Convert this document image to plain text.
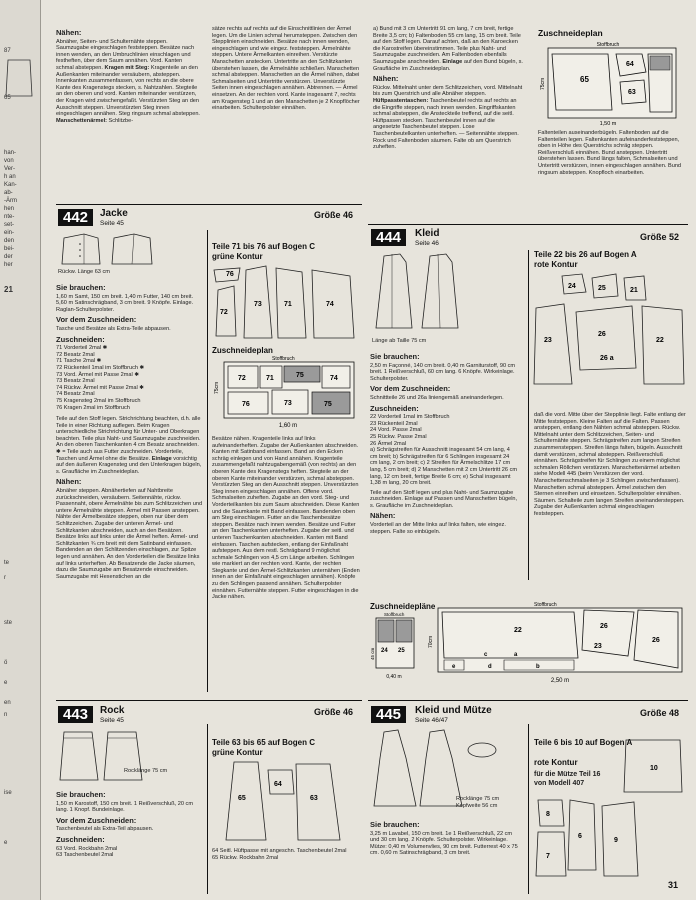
87
65
han-
von
Ver-
h an
Kan-
ab-
-Ärm
hen
nte-
set-
ein-
den
bei-
der
her
21
te
r
ste
ö
e
en
n
ise
e
Nähen:
Abnäher, Seiten- und Schulternähte steppen. Saumzugabe eingeschlagen feststeppen. Besätze nach innen wenden, an den Umbruchlinien einschlagen und festheften, über dem Saum annähen. Vord. Kanten schmal absteppen. Kragen mit Steg: Kragenteile an den Außenkanten miteinander versäubern, absteppen. Innenkanten zusammenfassen, von rechts an die obere Kante des Kragenstegs stecken, s. Nahtzahlen. Stegteile an den oberen und vord. Kanten miteinander verstürzen, der Kragen wird zwischengefaßt. Verstürzten Steg an den Ausschnitt steppen. Unverstürzten Steg innen eingeschlagen annähen. Steg ringsum schmal absteppen. Manschettenärmel: Schlitzbe-
sätze rechts auf rechts auf die Einschnittlinien der Ärmel legen. Um die Linien schmal herumsteppen. Zwischen den Stepplinien einschneiden. Besätze nach innen wenden, eingeschlagen und wie eingez. feststeppen. Ärmelnähte steppen. Untere Ärmelkanten einreihen. Verstürzte Manschetten anstecken. Untertritte an den Schlitzkanten überstehen lassen, die Ärmelnähte schließen. Manschetten schmal absteppen. Manschetten an die Ärmel nähen, dabei Schmalseiten und Untertritte verstürzen. Unverstürzte Seiten innen eingeschlagen annähen. Abtrennen. — Ärmel einsetzen. An der rechten vord. Kante insgesamt 7, rechts am Kragensteg 1 und an den Manschetten je 2 Knopflöcher einarbeiten. Schulterpolster einnähen.
a) Bund mit 3 cm Untertritt 91 cm lang, 7 cm breit, fertige Breite 3,5 cm; b) Faltenboden 55 cm lang, 15 cm breit. Teile auf den Stoff legen. Darauf achten, daß an den Karoecken die Karostreifen übereinstimmen. Teile plus Naht- und Saumzugabe zuschneiden. Am Faltenboden ebenfalls Saumzugabe anschneiden. Einlage auf den Bund bügeln, s. Graufläche im Zuschneideplan.
Nähen:
Rückw. Mittelnaht unter dem Schlitzzeichen, vord. Mittelnaht bis zum Querstrich und alle Abnäher steppen. Hüftpasstentaschen: Taschenbeutel rechts auf rechts an die Eingriffe steppen, nach innen wenden. Eingriffskanten schmal absteppen, die Ansteckteile treffend, auf die seitl. Hüftpassen stecken. Taschenbeutel innen auf die angesetzte Taschenbeutel steppen. Lose Taschenbeutelkanten unterheften. — Seitennähte steppen. Rock und Faltenboden säumen. Falte ob am Querstrich zuheften.
Zuschneideplan
Stoffbruch
65
64
63
75cm
1,50 m
Faltenteilen auseinanderbügeln. Faltenboden auf die Faltenteilen legen. Faltenkanten aufeinanderfeststeppen, oben in Höhe des Querstrichs schräg steppen. Reißverschluß einnähen. Bund ansteppen. Untertritt überstehen lassen. Bund längs falten, Schmalseiten und Untertritt verstürzen, innen eingeschlagen annähen. Bund ringsum absteppen. Knopfloch einarbeiten.
442	Jacke
Seite 45
Größe 46
Rückw. Länge 63 cm
Sie brauchen:

1,60 m Samt, 150 cm breit. 1,40 m Futter, 140 cm breit. 5,60 m Satinschrägband, 3 cm breit. 9 Knöpfe. Einlage. Raglan-Schulterpolster.

Vor dem Zuschneiden:

Tasche und Besätze als Extra-Teile abpausen.

Zuschneiden:
71 Vorderteil 2mal ✱
72 Besatz 2mal
71 Tasche 2mal ✱
72 Rückenteil 1mal im Stoffbruch ✱
73 Vord. Ärmel mit Passe 2mal ✱
73 Besatz 2mal
74 Rückw. Ärmel mit Passe 2mal ✱
74 Besatz 2mal
75 Kragensteg 2mal im Stoffbruch
76 Kragen 2mal im Stoffbruch

Teile auf den Stoff legen. Strichrichtung beachten, d.h. alle Teile in einer Richtung auflegen. Beim Kragen unterschiedliche Strichrichtung für Unter- und Oberkragen beachten. Teile plus Naht- und Saumzugabe zuschneiden. An den oberen Taschenkanten 4 cm Besatz anschneiden. ✱ = Teile auch aus Futter zuschneiden. Vorderteile, Taschen und Ärmel ohne die Besätze. Einlage vorsichtig auf den äußeren Kragensteg und den Unterkragen bügeln, s. Graufläche im Zuschneideplan.

Nähen:

Abnäher steppen. Abnähertiefen auf Nahtbreite zurückschneiden, versäubern. Seitennähte, rückw. Passennaht, obere Ärmelnähte bis zum Schlitzzeichen und untere Ärmelnähte steppen. Ärmel mit Passen ansteppen. Nähte der Ärmelbesätze steppen, oben nur über dem Schlitzzeichen. Zugabe der unteren Ärmel- und Schlitzkanten abschneiden, auch an den Besätzen. Besätze links auf links unter die Ärmel heften. Ärmel- und Schlitzkanten ¾ cm breit mit dem Satinband einfassen. Bandenden an den Schlitzenden einschlagen, zur Spitze legen und annähen. An den Vorderteilen die Besätze links auf links unterheften. Ab Besatzende die Jacke säumen, dazu die Saumzugabe am Besatzende einschneiden. Saumzugabe mit Hexenstichen an die

Teile 71 bis 76 auf Bogen C
grüne Kontur
76
72
73	71	74
Zuschneideplan
Stoffbruch
72	71	75	74
76	73	75
75cm
1,60 m

Besätze nähen. Kragenteile links auf links aufeinanderheften. Zugabe der Außenkanten abschneiden. Kanten mit Satinband einfassen. Band an den Ecken schräg einlegen und von Hand annähen. Kragenteile zusammengefaßt nahtzugabengemäß (von rechts) an den oberen Kante des Kragenstegs heften. Stegteile an der oberen Kante miteinander verstürzen, schmal absteppen. Verstürzten Steg an den Ausschnitt steppen. Unverstürzten Steg innen eingeschlagen annähen. Offene vord. Schmalseiten zuheften. Zugabe an den vord. Steg- und Vorderteilkanten bis zum Saum abschneiden. Diese Kanten und die Saumkante mit Band einfassen. Bandenden oben am Steg einschlagen. Futter an die Taschenbesätze steppen. Besätze nach innen wenden. Besätze und Futter an den Taschenkanten unterheften. Zugabe der seitl. und unteren Taschenkanten abschneiden. Kanten mit Band einfassen. Taschen aufstecken, entlang der Einfaßnaht aufsteppen. Aus dem restl. Schrägband 9 möglichst schmale Schlingen von 4,5 cm Länge arbeiten. Schlingen wie markiert an der rechten vord. Kante, der rechten Stegkante und den Ärmel-Schlitzkanten unternähen (Enden innen an der Einfaßnaht eingeschlagen annähen). Knöpfe zu den Schlingen passend annähen. Schulterpolster einnähen. Futternähte steppen. Futter eingeschlagen in die Jacke nähen.

444	Kleid
Seite 46
Größe 52
Länge ab Taille 75 cm
Sie brauchen:

2,50 m Façonné, 140 cm breit. 0,40 m Garniturstoff, 90 cm breit. 1 Reißverschluß, 60 cm lang. 6 Knöpfe. Wirkeinlage. Schulterpolster.

Vor dem Zuschneiden:

Schnittteile 26 und 26a liniengemäß aneinanderlegen.

Zuschneiden:
22 Vorderteil 1mal im Stoffbruch
23 Rückenteil 2mal
24 Vord. Passe 2mal
25 Rückw. Passe 2mal
26 Ärmel 2mal

a) Schrägstreifen für Ausschnitt insgesamt 54 cm lang, 4 cm breit; b) Schrägstreifen für 6 Schlingen insgesamt 24 cm lang, 2 cm breit; c) 2 Streifen für Ärmelschlitze 17 cm lang, 5 cm breit; d) 2 Manschetten mit 2 cm Untertritt 26 cm lang, 12 cm breit, fertige Breite 6 cm; e) Schal insgesamt 1,38 m lang, 20 cm breit.

Teile auf den Stoff legen und plus Naht- und Saumzugabe zuschneiden. Einlage auf Passen und Manschetten bügeln, s. Graufläche im Zuschneideplan.

Nähen:

Vorderteil an der Mitte links auf links falten, wie eingez. steppen. Falte so einbügeln.

Teile 22 bis 26 auf Bogen A
rote Kontur
24	25	21
23	22
26
26 a

daß die vord. Mitte über der Stepplinie liegt. Falte entlang der Mitte feststeppen. Kleine Falten auf die Falten. Passen ansteppen, entlang den Nähten schmal absteppen. Rückw. Mittelnaht unter dem Schlitzzeichen, Seiten- und Schulternähte steppen. Schrägstreifen zum langen Streifen zusammensteppen. Streifen längs falten, bügeln. Ausschnitt damit verstürzen, schmal absteppen. Reißverschluß einnähen. Schrägstreifen für Schlingen zu einem möglichst schmalen Röllchen verstürzen. Manschettenärmel arbeiten siehe Modell 445 (beim Verstürzen der vord. Manschettenschmalseiten je 3 Schlingen zwischenfassen). Manschetten schmal absteppen. Ärmel zwischen den Sternen einreihen und einsetzen. Schulterpolster einnähen. Säumen. Schalteile zum langen Streifen aneinandersteppen. Zugabe der Außenkanten schmal eingeschlagen feststeppen.

Zuschneidepläne
Stoffbruch
24 25
45 cm
0,40 m
Stoffbruch
26
26
22
23
c	a
e	d	b
70cm
2,50 m
443	Rock
Seite 45
Größe 46
Rocklänge 75 cm
Sie brauchen:

1,50 m Karostoff, 150 cm breit. 1 Reißverschluß, 20 cm lang. 1 Knopf. Bundeinlage.

Vor dem Zuschneiden:

Taschenbeutel als Extra-Teil abpausen.

Zuschneiden:
63 Vord. Rockbahn 2mal
63 Taschenbeutel 2mal
Teile 63 bis 65 auf Bogen C
grüne Kontur
65
64
63
64 Seitl. Hüftpasse mit angeschn. Taschenbeutel 2mal
65 Rückw. Rockbahn 2mal
445	Kleid und Mütze
Seite 46/47
Größe 48
Rocklänge 75 cm
Kopfweite 56 cm
Sie brauchen:

3,25 m Lavabel, 150 cm breit. 1e 1 Reißverschluß, 22 cm und 30 cm lang. 2 Knöpfe. Schulterpolster. Wirkeinlage. Mütze: 0,40 m Volumenvlies, 90 cm breit. Futterrest 40 x 75 cm. 0,60 m Satinschrägband, 3 cm breit.

Teile 6 bis 10 auf Bogen A
rote Kontur
für die Mütze Teil 16
von Modell 407
10
8
6
7
9
31
